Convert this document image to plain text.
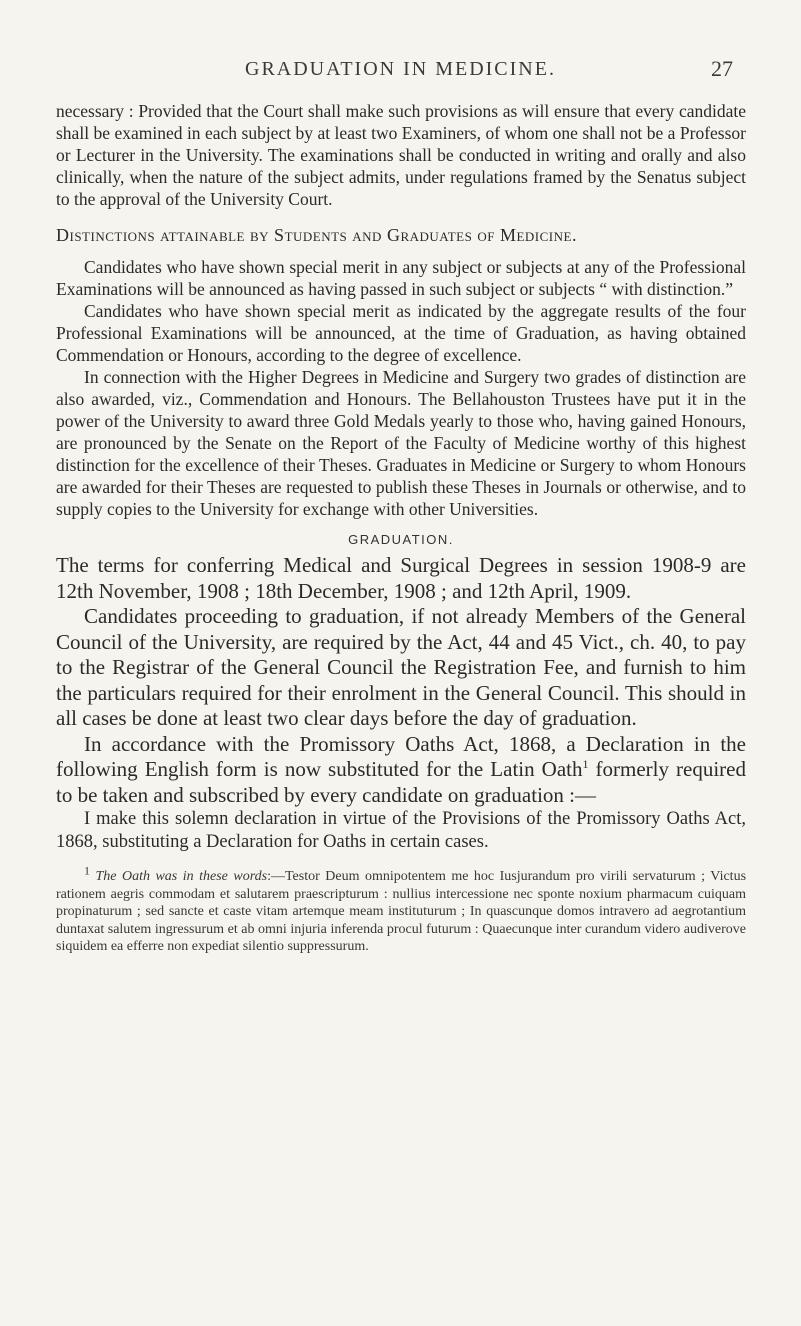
GRADUATION IN MEDICINE.	27

necessary : Provided that the Court shall make such provisions as will ensure that every candidate shall be examined in each subject by at least two Examiners, of whom one shall not be a Professor or Lecturer in the University. The examinations shall be conducted in writing and orally and also clinically, when the nature of the subject admits, under regulations framed by the Senatus subject to the approval of the University Court.

Distinctions attainable by Students and Graduates of Medicine.

Candidates who have shown special merit in any subject or subjects at any of the Professional Examinations will be announced as having passed in such subject or subjects “ with distinction.”

Candidates who have shown special merit as indicated by the aggregate results of the four Professional Examinations will be announced, at the time of Graduation, as having obtained Commendation or Honours, according to the degree of excellence.

In connection with the Higher Degrees in Medicine and Surgery two grades of distinction are also awarded, viz., Commendation and Honours. The Bellahouston Trustees have put it in the power of the University to award three Gold Medals yearly to those who, having gained Honours, are pronounced by the Senate on the Report of the Faculty of Medicine worthy of this highest distinction for the excellence of their Theses. Graduates in Medicine or Surgery to whom Honours are awarded for their Theses are requested to publish these Theses in Journals or otherwise, and to supply copies to the University for exchange with other Universities.

GRADUATION.

The terms for conferring Medical and Surgical Degrees in session 1908-9 are 12th November, 1908 ; 18th December, 1908 ; and 12th April, 1909.

Candidates proceeding to graduation, if not already Members of the General Council of the University, are required by the Act, 44 and 45 Vict., ch. 40, to pay to the Registrar of the General Council the Registration Fee, and furnish to him the particulars required for their enrolment in the General Council. This should in all cases be done at least two clear days before the day of graduation.

In accordance with the Promissory Oaths Act, 1868, a Declaration in the following English form is now substituted for the Latin Oath$^1$ formerly required to be taken and subscribed by every candidate on graduation :—

I make this solemn declaration in virtue of the Provisions of the Promissory Oaths Act, 1868, substituting a Declaration for Oaths in certain cases.

$^1$ The Oath was in these words:—Testor Deum omnipotentem me hoc Iusjurandum pro virili servaturum ; Victus rationem aegris commodam et salutarem praescripturum : nullius intercessione nec sponte noxium pharmacum cuiquam propinaturum ; sed sancte et caste vitam artemque meam instituturum ; In quascunque domos intravero ad aegrotantium duntaxat salutem ingressurum et ab omni injuria inferenda procul futurum : Quaecunque inter curandum videro audiverove siquidem ea efferre non expediat silentio suppressurum.
